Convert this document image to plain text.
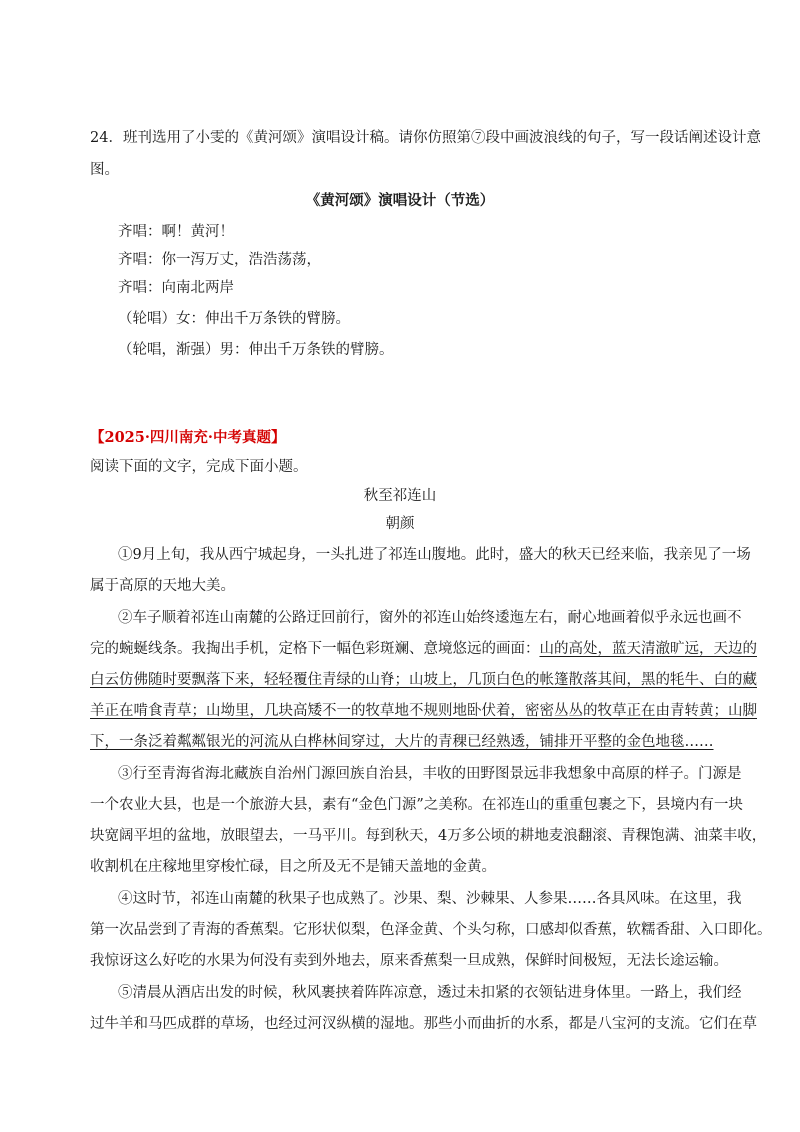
24．班刊选用了小雯的《黄河颂》演唱设计稿。请你仿照第⑦段中画波浪线的句子，写一段话阐述设计意
图。
《黄河颂》演唱设计（节选）
齐唱：啊！黄河！
齐唱：你一泻万丈，浩浩荡荡，
齐唱：向南北两岸
（轮唱）女：伸出千万条铁的臂膀。
（轮唱，渐强）男：伸出千万条铁的臂膀。
【2025·四川南充·中考真题】
阅读下面的文字，完成下面小题。
秋至祁连山
朝颜
①9月上旬，我从西宁城起身，一头扎进了祁连山腹地。此时，盛大的秋天已经来临，我亲见了一场
属于高原的天地大美。
②车子顺着祁连山南麓的公路迂回前行，窗外的祁连山始终逶迤左右，耐心地画着似乎永远也画不
完的蜿蜒线条。我掏出手机，定格下一幅色彩斑斓、意境悠远的画面：山的高处，蓝天清澈旷远，天边的
白云仿佛随时要飘落下来，轻轻覆住青绿的山脊；山坡上，几顶白色的帐篷散落其间，黑的牦牛、白的藏
羊正在啃食青草；山坳里，几块高矮不一的牧草地不规则地卧伏着，密密丛丛的牧草正在由青转黄；山脚
下，一条泛着粼粼银光的河流从白桦林间穿过，大片的青稞已经熟透，铺排开平整的金色地毯……
③行至青海省海北藏族自治州门源回族自治县，丰收的田野图景远非我想象中高原的样子。门源是
一个农业大县，也是一个旅游大县，素有“金色门源”之美称。在祁连山的重重包裹之下，县境内有一块
块宽阔平坦的盆地，放眼望去，一马平川。每到秋天，4万多公顷的耕地麦浪翻滚、青稞饱满、油菜丰收，
收割机在庄稼地里穿梭忙碌，目之所及无不是铺天盖地的金黄。
④这时节，祁连山南麓的秋果子也成熟了。沙果、梨、沙棘果、人参果……各具风味。在这里，我
第一次品尝到了青海的香蕉梨。它形状似梨，色泽金黄、个头匀称，口感却似香蕉，软糯香甜、入口即化。
我惊讶这么好吃的水果为何没有卖到外地去，原来香蕉梨一旦成熟，保鲜时间极短，无法长途运输。
⑤清晨从酒店出发的时候，秋风裹挟着阵阵凉意，透过未扣紧的衣领钻进身体里。一路上，我们经
过牛羊和马匹成群的草场，也经过河汊纵横的湿地。那些小而曲折的水系，都是八宝河的支流。它们在草
